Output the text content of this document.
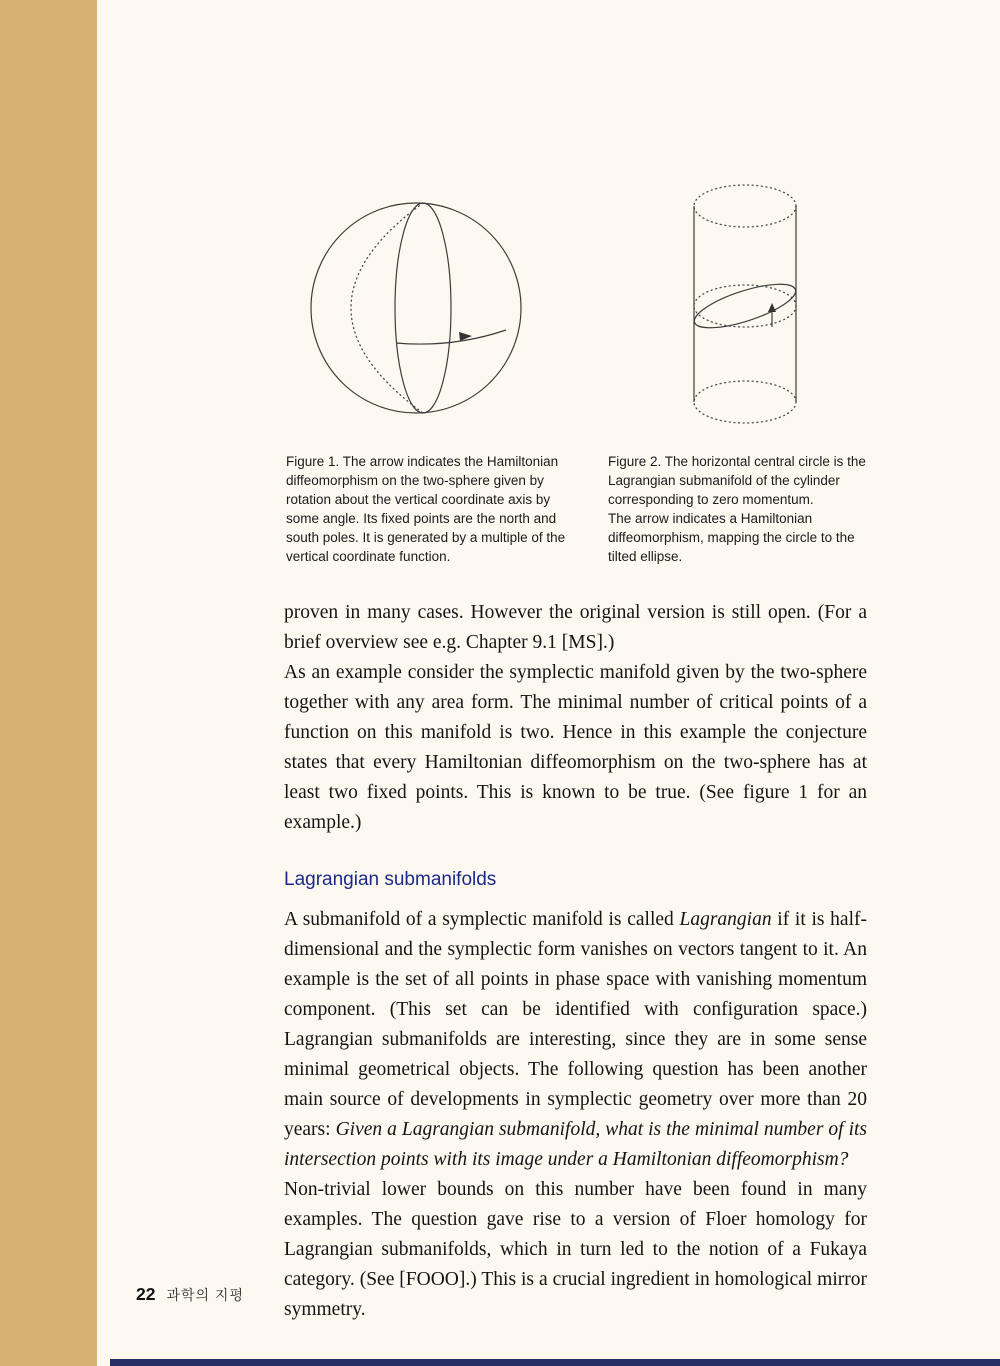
Figure 1. The arrow indicates the Hamiltonian diffeomorphism on the two-sphere given by rotation about the vertical coordinate axis by some angle. Its fixed points are the north and south poles. It is generated by a multiple of the vertical coordinate function.

Figure 2. The horizontal central circle is the Lagrangian submanifold of the cylinder corresponding to zero momentum.

The arrow indicates a Hamiltonian diffeomorphism, mapping the circle to the tilted ellipse.

proven in many cases. However the original version is still open. (For a brief overview see e.g. Chapter 9.1 [MS].)

As an example consider the symplectic manifold given by the two-sphere together with any area form. The minimal number of critical points of a function on this manifold is two. Hence in this example the conjecture states that every Hamiltonian diffeomorphism on the two-sphere has at least two fixed points. This is known to be true. (See figure 1 for an example.)

Lagrangian submanifolds

A submanifold of a symplectic manifold is called Lagrangian if it is half-dimensional and the symplectic form vanishes on vectors tangent to it. An example is the set of all points in phase space with vanishing momentum component. (This set can be identified with configuration space.) Lagrangian submanifolds are interesting, since they are in some sense minimal geometrical objects. The following question has been another main source of developments in symplectic geometry over more than 20 years: Given a Lagrangian submanifold, what is the minimal number of its intersection points with its image under a Hamiltonian diffeomorphism?

Non-trivial lower bounds on this number have been found in many examples. The question gave rise to a version of Floer homology for Lagrangian submanifolds, which in turn led to the notion of a Fukaya category. (See [FOOO].) This is a crucial ingredient in homological mirror symmetry.

22 과학의 지평
